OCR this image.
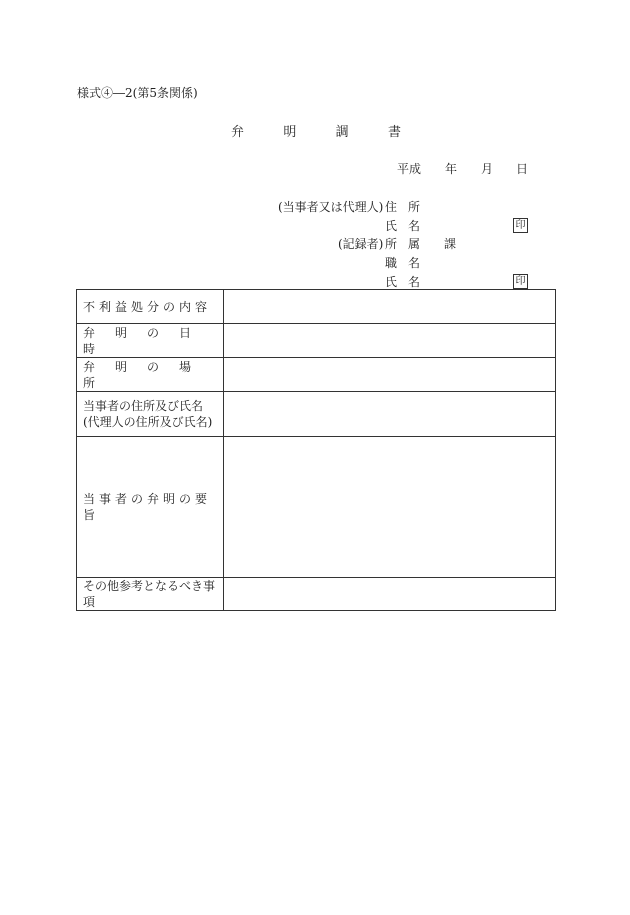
様式④―2(第5条関係)
弁	明	調	書
平成 年 月 日
(当事者又は代理人) 住 所
氏 名	印
(記録者) 所 属 課
職 名
氏 名	印
不利益処分の内容	

弁明の日時	

弁明の場所	

当事者の住所及び氏名
(代理人の住所及び氏名)	

当事者の弁明の要旨	

その他参考となるべき事
項	
